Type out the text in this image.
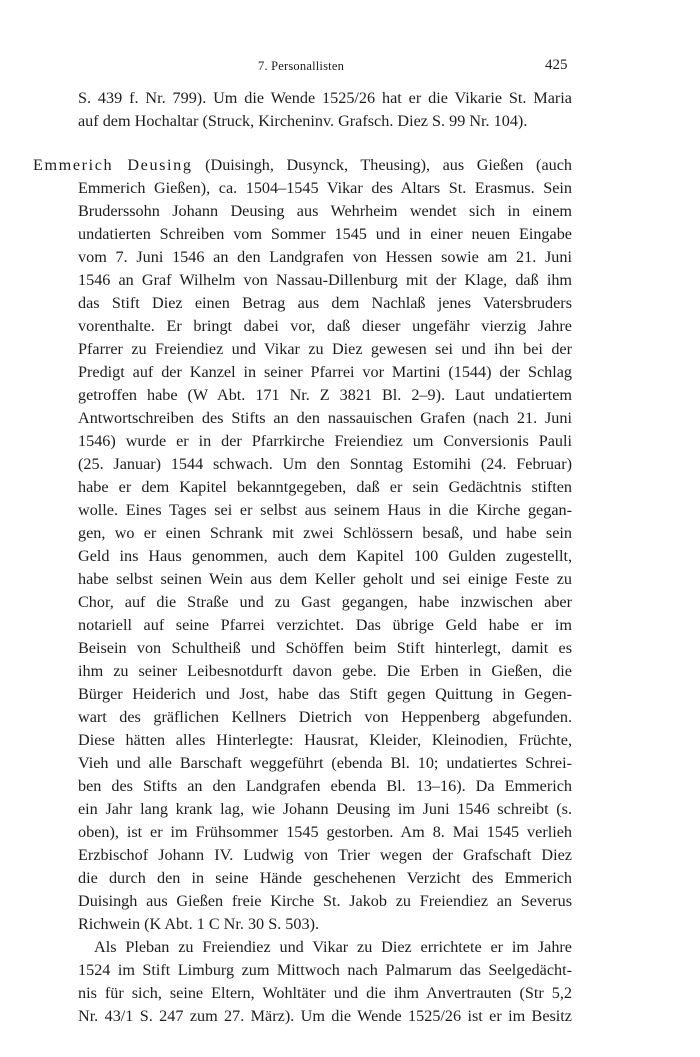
7. Personallisten	425
S. 439 f. Nr. 799). Um die Wende 1525/26 hat er die Vikarie St. Maria
auf dem Hochaltar (Struck, Kircheninv. Grafsch. Diez S. 99 Nr. 104).
Emmerich Deusing (Duisingh, Dusynck, Theusing), aus Gießen (auch
Emmerich Gießen), ca. 1504–1545 Vikar des Altars St. Erasmus. Sein
Bruderssohn Johann Deusing aus Wehrheim wendet sich in einem
undatierten Schreiben vom Sommer 1545 und in einer neuen Eingabe
vom 7. Juni 1546 an den Landgrafen von Hessen sowie am 21. Juni
1546 an Graf Wilhelm von Nassau-Dillenburg mit der Klage, daß ihm
das Stift Diez einen Betrag aus dem Nachlaß jenes Vatersbruders
vorenthalte. Er bringt dabei vor, daß dieser ungefähr vierzig Jahre
Pfarrer zu Freiendiez und Vikar zu Diez gewesen sei und ihn bei der
Predigt auf der Kanzel in seiner Pfarrei vor Martini (1544) der Schlag
getroffen habe (W Abt. 171 Nr. Z 3821 Bl. 2–9). Laut undatiertem
Antwortschreiben des Stifts an den nassauischen Grafen (nach 21. Juni
1546) wurde er in der Pfarrkirche Freiendiez um Conversionis Pauli
(25. Januar) 1544 schwach. Um den Sonntag Estomihi (24. Februar)
habe er dem Kapitel bekanntgegeben, daß er sein Gedächtnis stiften
wolle. Eines Tages sei er selbst aus seinem Haus in die Kirche gegan-
gen, wo er einen Schrank mit zwei Schlössern besaß, und habe sein
Geld ins Haus genommen, auch dem Kapitel 100 Gulden zugestellt,
habe selbst seinen Wein aus dem Keller geholt und sei einige Feste zu
Chor, auf die Straße und zu Gast gegangen, habe inzwischen aber
notariell auf seine Pfarrei verzichtet. Das übrige Geld habe er im
Beisein von Schultheiß und Schöffen beim Stift hinterlegt, damit es
ihm zu seiner Leibesnotdurft davon gebe. Die Erben in Gießen, die
Bürger Heiderich und Jost, habe das Stift gegen Quittung in Gegen-
wart des gräflichen Kellners Dietrich von Heppenberg abgefunden.
Diese hätten alles Hinterlegte: Hausrat, Kleider, Kleinodien, Früchte,
Vieh und alle Barschaft weggeführt (ebenda Bl. 10; undatiertes Schrei-
ben des Stifts an den Landgrafen ebenda Bl. 13–16). Da Emmerich
ein Jahr lang krank lag, wie Johann Deusing im Juni 1546 schreibt (s.
oben), ist er im Frühsommer 1545 gestorben. Am 8. Mai 1545 verlieh
Erzbischof Johann IV. Ludwig von Trier wegen der Grafschaft Diez
die durch den in seine Hände geschehenen Verzicht des Emmerich
Duisingh aus Gießen freie Kirche St. Jakob zu Freiendiez an Severus
Richwein (K Abt. 1 C Nr. 30 S. 503).
Als Pleban zu Freiendiez und Vikar zu Diez errichtete er im Jahre
1524 im Stift Limburg zum Mittwoch nach Palmarum das Seelgedächt-
nis für sich, seine Eltern, Wohltäter und die ihm Anvertrauten (Str 5,2
Nr. 43/1 S. 247 zum 27. März). Um die Wende 1525/26 ist er im Besitz
